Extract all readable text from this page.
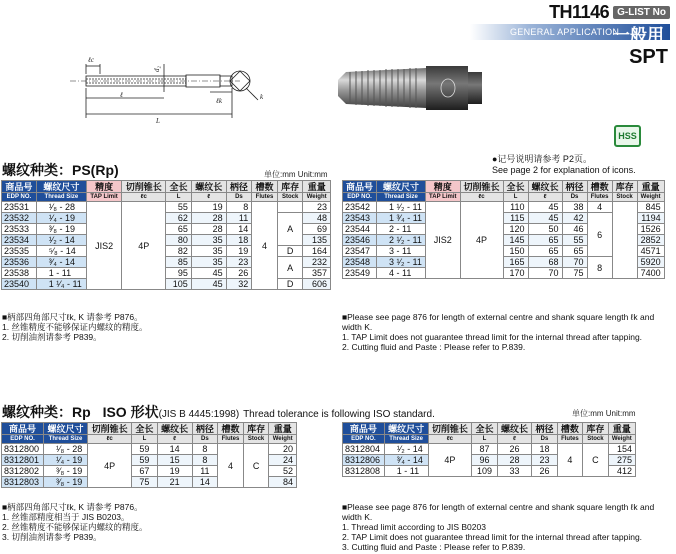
TH1146 G-LIST No
GENERAL APPLICATION
一般用
SPT
ℓc
d₂
ℓ
ℓk
L
k
HSS
●记号说明请参考 P2页。
See page 2 for explanation of icons.
螺纹种类：PS(Rp)	单位:mm Unit:mm
商品号	螺纹尺寸	精度	切削锥长	全长	螺纹长	柄径	槽数	库存	重量
EDP NO.	Thread Size	TAP Limit	ℓc	L	ℓ	Ds	Flutes	Stock	Weight
23531	¹⁄₈ - 28	JIS2	4P	55	19	8	4		23
23532	¹⁄₄ - 19			62	28	11		A	48
23533	³⁄₈ - 19			65	28	14			69
23534	¹⁄₂ - 14			80	35	18			135
23535	⁵⁄₈ - 14			82	35	19		D	164
23536	³⁄₄ - 14			85	35	23		A	232
23538	1 - 11			95	45	26			357
23540	1 ¹⁄₄ - 11			105	45	32		D	606
商品号	螺纹尺寸	精度	切削锥长	全长	螺纹长	柄径	槽数	库存	重量
EDP NO.	Thread Size	TAP Limit	ℓc	L	ℓ	Ds	Flutes	Stock	Weight
23542	1 ¹⁄₂ - 11	JIS2	4P	110	45	38	4		845
23543	1 ³⁄₄ - 11			115	45	42	6		1194
23544	2 - 11			120	50	46			1526
23546	2 ¹⁄₂ - 11			145	65	55			2852
23547	3 - 11			150	65	65			4571
23548	3 ¹⁄₂ - 11			165	68	70	8		5920
23549	4 - 11			170	70	75			7400
■柄部四角部尺寸ℓk, K 请参考 P876。
1. 丝锥精度不能够保证内螺纹的精度。
2. 切削油剂请参考 P839。
■Please see page 876 for length of external centre and shank square length ℓk and width K.
1. TAP Limit does not guarantee thread limit for the internal thread after tapping.
2. Cutting fluid and Paste : Please refer to P.839.
螺纹种类：Rp ISO 形状(JIS B 4445:1998) Thread tolerance is following ISO standard.	单位:mm Unit:mm
商品号	螺纹尺寸	切削锥长	全长	螺纹长	柄径	槽数	库存	重量
EDP NO.	Thread Size	ℓc	L	ℓ	Ds	Flutes	Stock	Weight
8312800	¹⁄₈ - 28	4P	59	14	8	4	C	20
8312801	¹⁄₄ - 19		59	15	8			24
8312802	³⁄₈ - 19		67	19	11			52
8312803	³⁄₈ - 19		75	21	14			84
商品号	螺纹尺寸	切削锥长	全长	螺纹长	柄径	槽数	库存	重量
EDP NO.	Thread Size	ℓc	L	ℓ	Ds	Flutes	Stock	Weight
8312804	¹⁄₂ - 14	4P	87	26	18	4	C	154
8312806	³⁄₄ - 14		96	28	23			275
8312808	1 - 11		109	33	26			412
■柄部四角部尺寸ℓk, K 请参考 P876。
1. 丝锥部精度相当于 JIS B0203。
2. 丝锥精度不能够保证内螺纹的精度。
3. 切削油剂请参考 P839。
■Please see page 876 for length of external centre and shank square length ℓk and width K.
1. Thread limit according to JIS B0203
2. TAP Limit does not guarantee thread limit for the internal thread after tapping.
3. Cutting fluid and Paste : Please refer to P.839.
